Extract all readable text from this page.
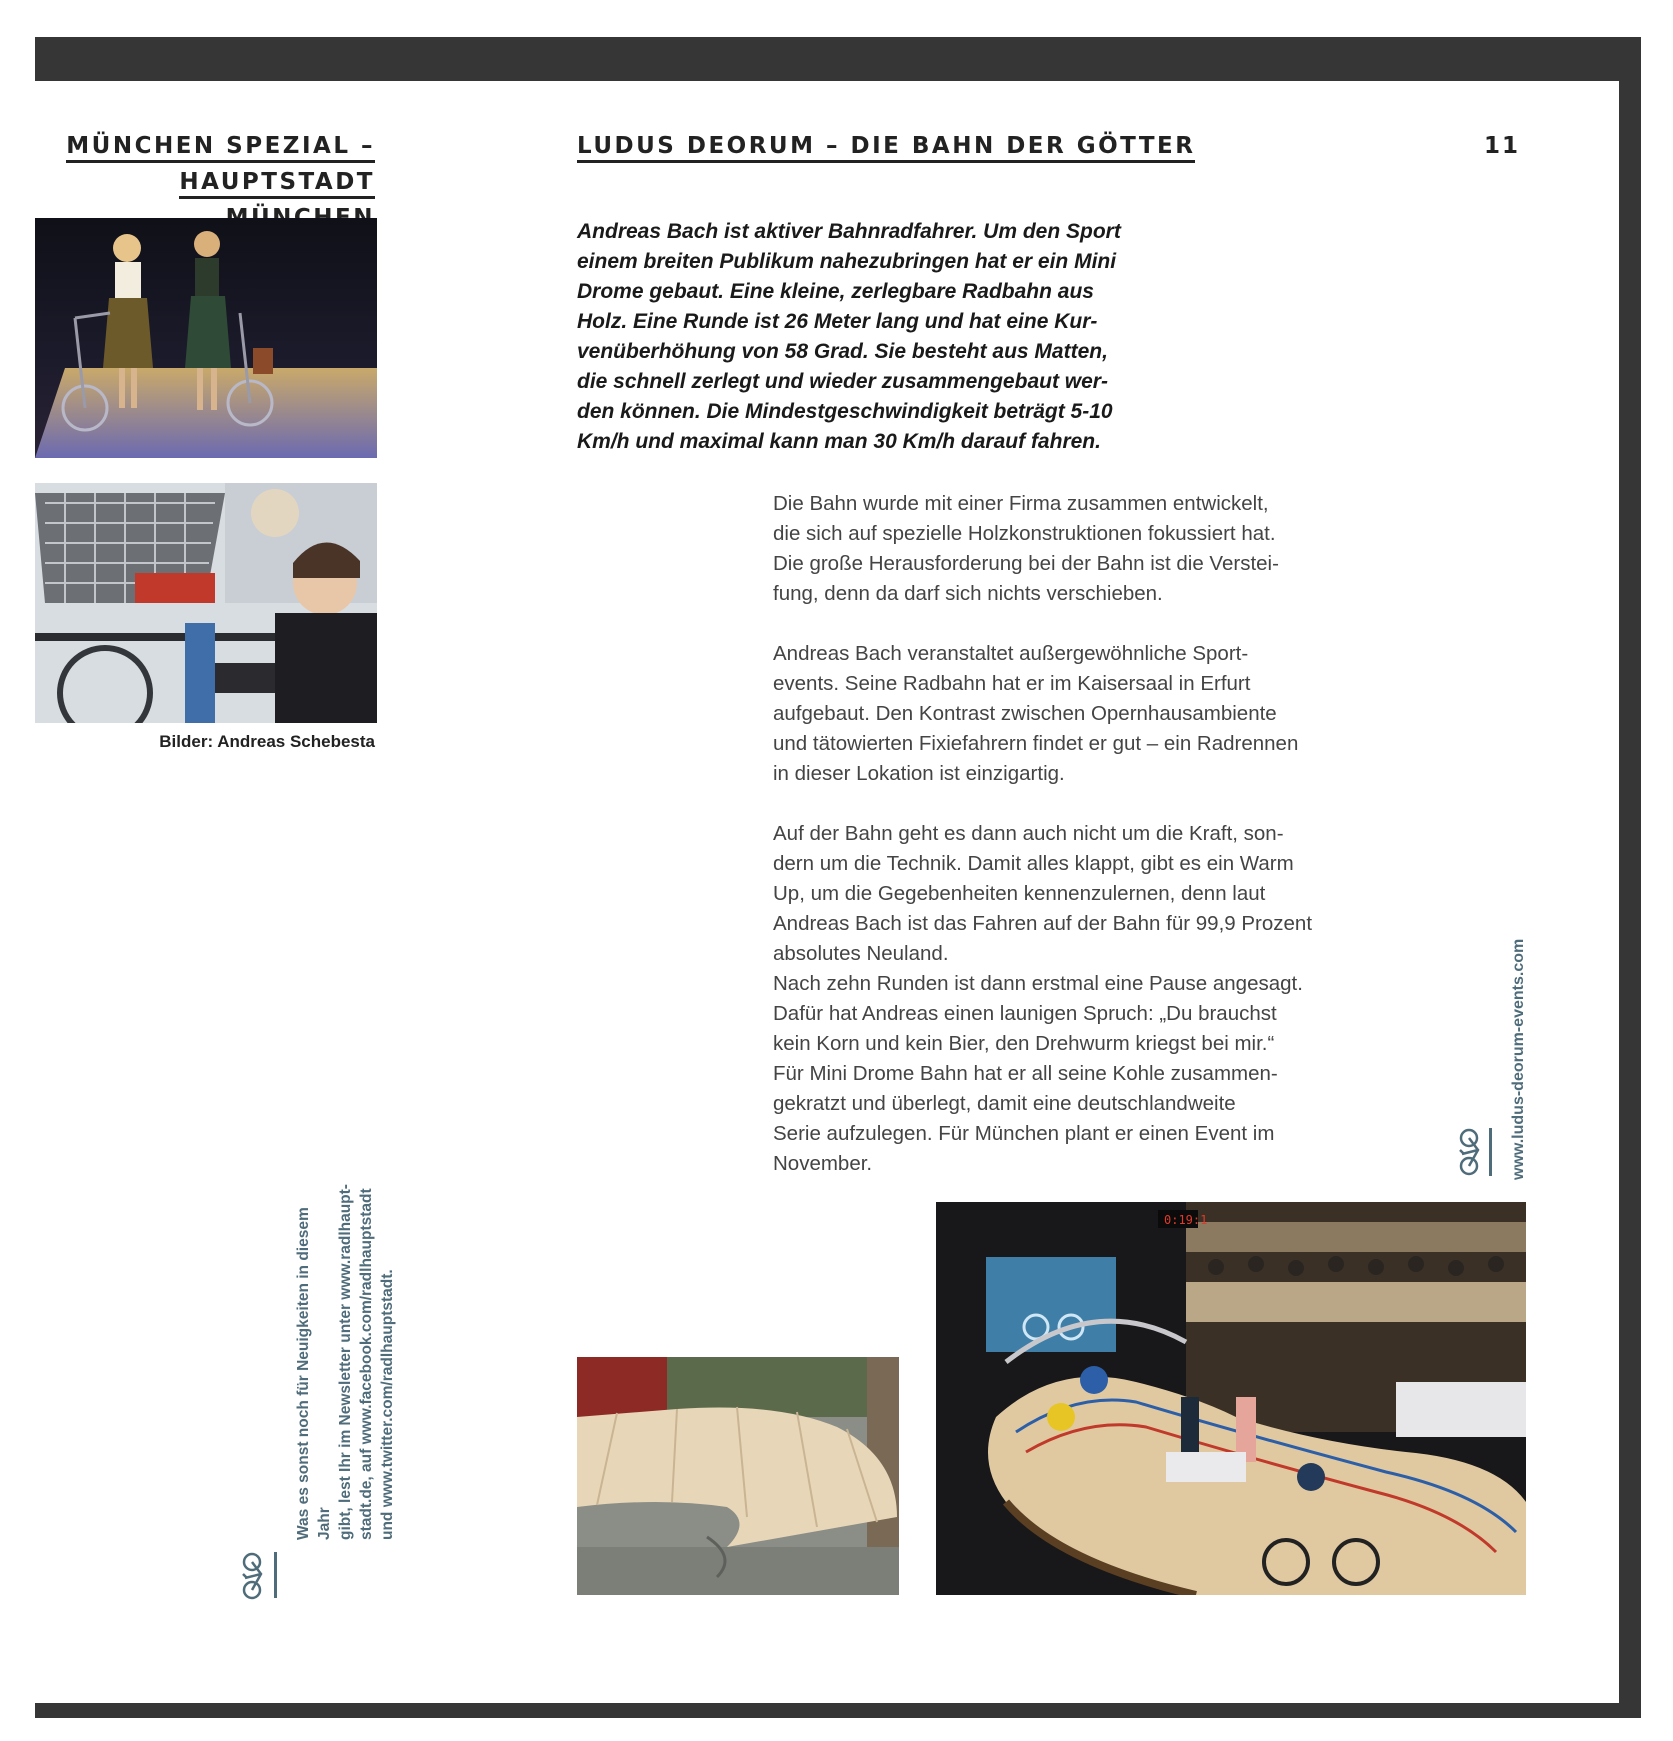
MÜNCHEN SPEZIAL –
HAUPTSTADT
LUDUS DEORUM – DIE BAHN DER GÖTTER	11
Bilder: Andreas Schebesta
Andreas Bach ist aktiver Bahnradfahrer. Um den Sport
einem breiten Publikum nahezubringen hat er ein Mini
Drome gebaut. Eine kleine, zerlegbare Radbahn aus
Holz. Eine Runde ist 26 Meter lang und hat eine Kur-
venüberhöhung von 58 Grad. Sie besteht aus Matten,
die schnell zerlegt und wieder zusammengebaut wer-
den können. Die Mindestgeschwindigkeit beträgt 5-10
Km/h und maximal kann man 30 Km/h darauf fahren.

Die Bahn wurde mit einer Firma zusammen entwickelt,
die sich auf spezielle Holzkonstruktionen fokussiert hat.
Die große Herausforderung bei der Bahn ist die Verstei-
fung, denn da darf sich nichts verschieben.

Andreas Bach veranstaltet außergewöhnliche Sport-
events. Seine Radbahn hat er im Kaisersaal in Erfurt
aufgebaut. Den Kontrast zwischen Opernhausambiente
und tätowierten Fixiefahrern findet er gut – ein Radrennen
in dieser Lokation ist einzigartig.

Auf der Bahn geht es dann auch nicht um die Kraft, son-
dern um die Technik. Damit alles klappt, gibt es ein Warm
Up, um die Gegebenheiten kennenzulernen, denn laut
Andreas Bach ist das Fahren auf der Bahn für 99,9 Prozent
absolutes Neuland.

Nach zehn Runden ist dann erstmal eine Pause angesagt.
Dafür hat Andreas einen launigen Spruch: „Du brauchst
kein Korn und kein Bier, den Drehwurm kriegst bei mir.“
Für Mini Drome Bahn hat er all seine Kohle zusammen-
gekratzt und überlegt, damit eine deutschlandweite
Serie aufzulegen. Für München plant er einen Event im
November.	www.ludus-deorum-events.com
Was es sonst noch für Neuigkeiten in diesem Jahr gibt, lest Ihr im Newsletter unter www.radlhaupt- stadt.de, auf www.facebook.com/radlhauptstadt und www.twitter.com/radlhauptstadt.
0:19:1
